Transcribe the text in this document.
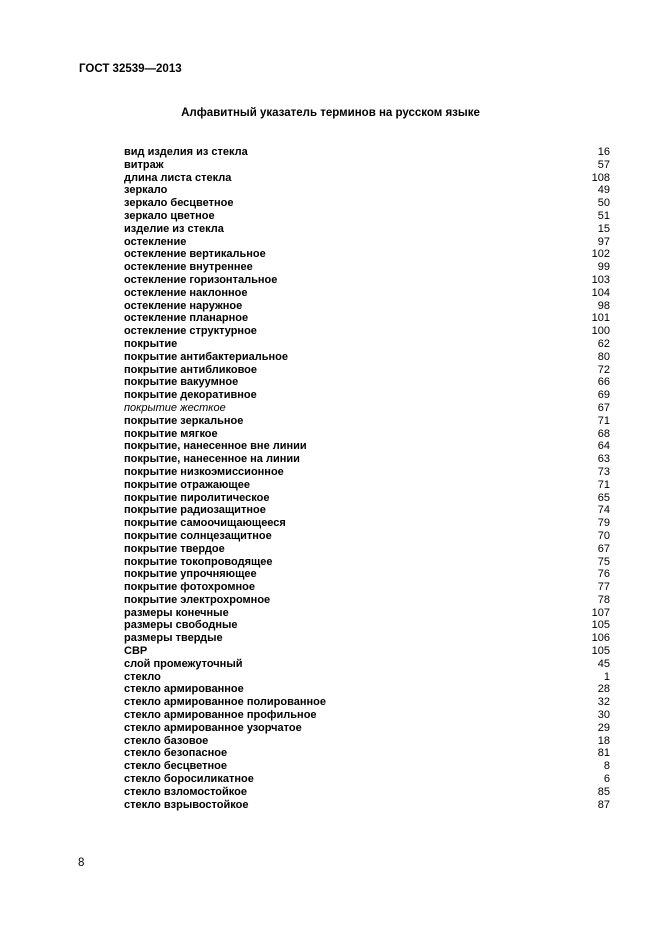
ГОСТ 32539—2013
Алфавитный указатель терминов на русском языке
вид изделия из стекла	16
витраж	57
длина листа стекла	108
зеркало	49
зеркало бесцветное	50
зеркало цветное	51
изделие из стекла	15
остекление	97
остекление вертикальное	102
остекление внутреннее	99
остекление горизонтальное	103
остекление наклонное	104
остекление наружное	98
остекление планарное	101
остекление структурное	100
покрытие	62
покрытие антибактериальное	80
покрытие антибликовое	72
покрытие вакуумное	66
покрытие декоративное	69
покрытие жесткое	67
покрытие зеркальное	71
покрытие мягкое	68
покрытие, нанесенное вне линии	64
покрытие, нанесенное на линии	63
покрытие низкоэмиссионное	73
покрытие отражающее	71
покрытие пиролитическое	65
покрытие радиозащитное	74
покрытие самоочищающееся	79
покрытие солнцезащитное	70
покрытие твердое	67
покрытие токопроводящее	75
покрытие упрочняющее	76
покрытие фотохромное	77
покрытие электрохромное	78
размеры конечные	107
размеры свободные	105
размеры твердые	106
СВР	105
слой промежуточный	45
стекло	1
стекло армированное	28
стекло армированное полированное	32
стекло армированное профильное	30
стекло армированное узорчатое	29
стекло базовое	18
стекло безопасное	81
стекло бесцветное	8
стекло боросиликатное	6
стекло взломостойкое	85
стекло взрывостойкое	87
8
